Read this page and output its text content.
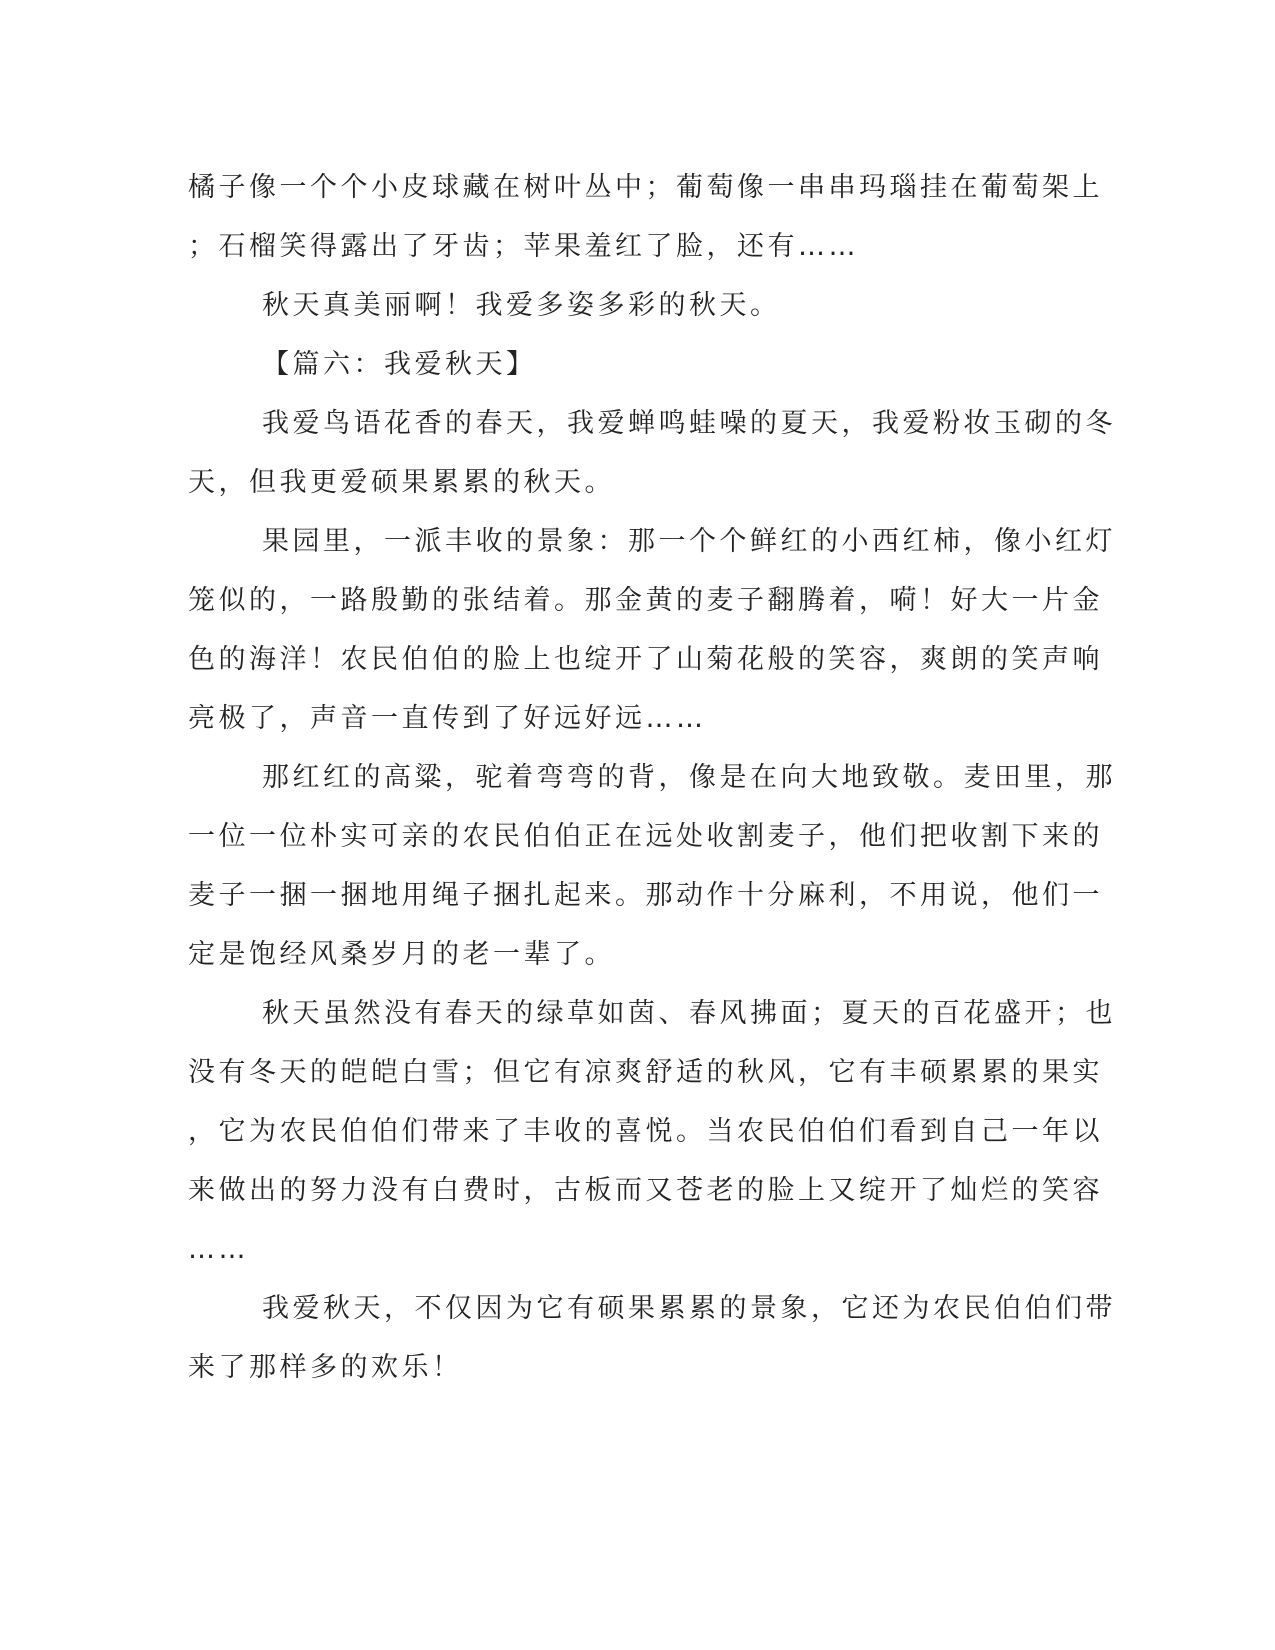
橘子像一个个小皮球藏在树叶丛中；葡萄像一串串玛瑙挂在葡萄架上
；石榴笑得露出了牙齿；苹果羞红了脸，还有……
秋天真美丽啊！我爱多姿多彩的秋天。
【篇六：我爱秋天】
我爱鸟语花香的春天，我爱蝉鸣蛙噪的夏天，我爱粉妆玉砌的冬
天，但我更爱硕果累累的秋天。
果园里，一派丰收的景象：那一个个鲜红的小西红柿，像小红灯
笼似的，一路殷勤的张结着。那金黄的麦子翻腾着，嗬！好大一片金
色的海洋！农民伯伯的脸上也绽开了山菊花般的笑容，爽朗的笑声响
亮极了，声音一直传到了好远好远……
那红红的高粱，驼着弯弯的背，像是在向大地致敬。麦田里，那
一位一位朴实可亲的农民伯伯正在远处收割麦子，他们把收割下来的
麦子一捆一捆地用绳子捆扎起来。那动作十分麻利，不用说，他们一
定是饱经风桑岁月的老一辈了。
秋天虽然没有春天的绿草如茵、春风拂面；夏天的百花盛开；也
没有冬天的皑皑白雪；但它有凉爽舒适的秋风，它有丰硕累累的果实
，它为农民伯伯们带来了丰收的喜悦。当农民伯伯们看到自己一年以
来做出的努力没有白费时，古板而又苍老的脸上又绽开了灿烂的笑容
……
我爱秋天，不仅因为它有硕果累累的景象，它还为农民伯伯们带
来了那样多的欢乐！
